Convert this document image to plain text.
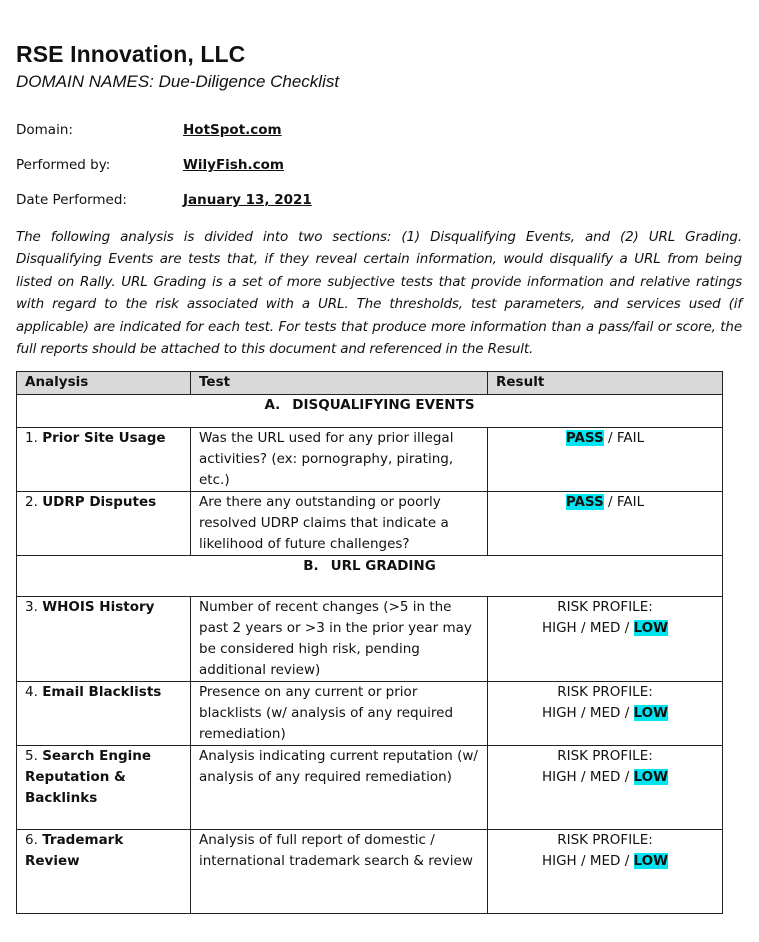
RSE Innovation, LLC
DOMAIN NAMES: Due-Diligence Checklist
Domain:	HotSpot.com
Performed by:	WilyFish.com
Date Performed:	January 13, 2021
The following analysis is divided into two sections: (1) Disqualifying Events, and (2) URL Grading. Disqualifying Events are tests that, if they reveal certain information, would disqualify a URL from being listed on Rally. URL Grading is a set of more subjective tests that provide information and relative ratings with regard to the risk associated with a URL. The thresholds, test parameters, and services used (if applicable) are indicated for each test. For tests that produce more information than a pass/fail or score, the full reports should be attached to this document and referenced in the Result.
Analysis	Test	Result
A. DISQUALIFYING EVENTS		
1. Prior Site Usage	Was the URL used for any prior illegal activities? (ex: pornography, pirating, etc.)	PASS / FAIL
2. UDRP Disputes	Are there any outstanding or poorly resolved UDRP claims that indicate a likelihood of future challenges?	PASS / FAIL
B. URL GRADING		
3. WHOIS History	Number of recent changes (>5 in the past 2 years or >3 in the prior year may be considered high risk, pending additional review)	RISK PROFILE:
HIGH / MED / LOW
4. Email Blacklists	Presence on any current or prior blacklists (w/ analysis of any required remediation)	RISK PROFILE:
HIGH / MED / LOW
5. Search Engine Reputation & Backlinks	Analysis indicating current reputation (w/ analysis of any required remediation)	RISK PROFILE:
HIGH / MED / LOW
6. Trademark Review	Analysis of full report of domestic / international trademark search & review	RISK PROFILE:
HIGH / MED / LOW
